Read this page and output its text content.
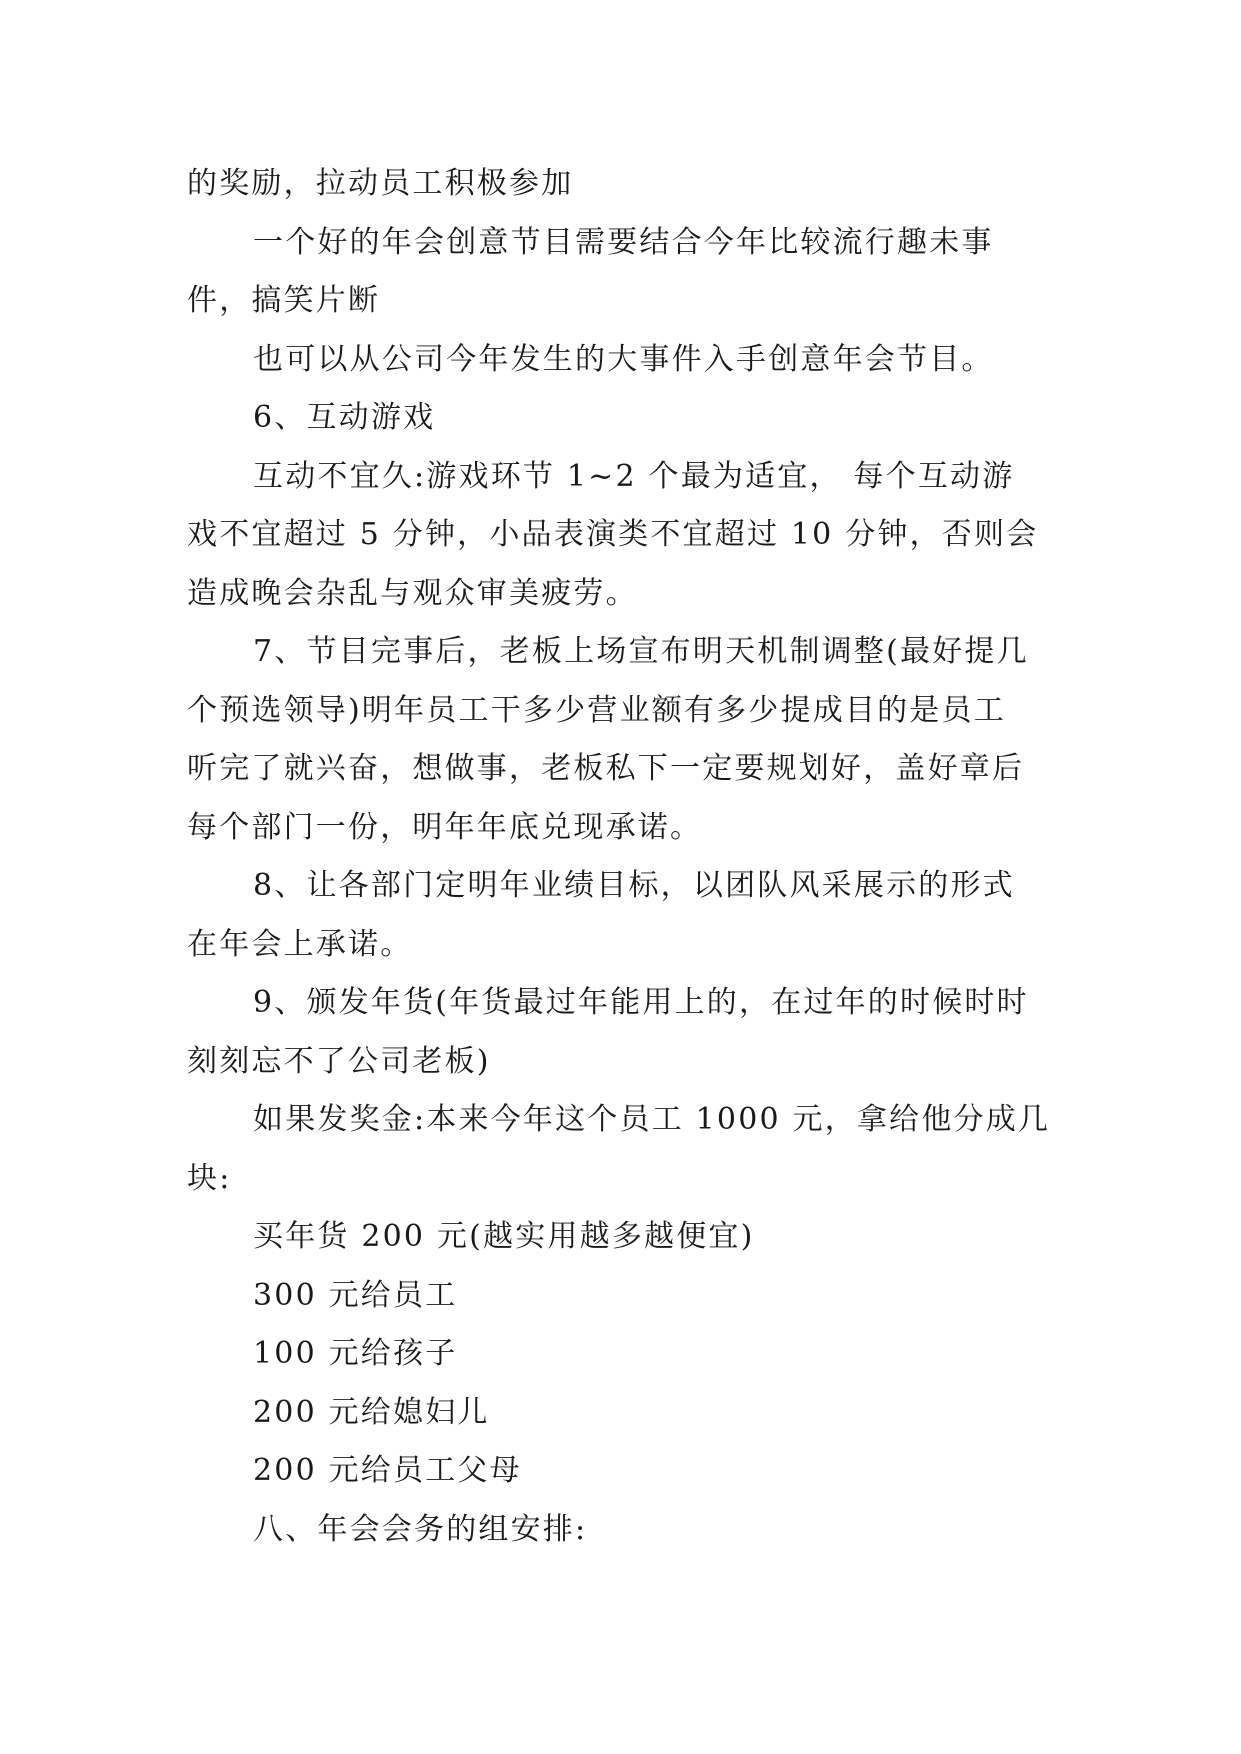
的奖励，拉动员工积极参加
一个好的年会创意节目需要结合今年比较流行趣未事
件，搞笑片断
也可以从公司今年发生的大事件入手创意年会节目。
6、互动游戏
互动不宜久:游戏环节 1~2 个最为适宜， 每个互动游
戏不宜超过 5 分钟，小品表演类不宜超过 10 分钟，否则会
造成晚会杂乱与观众审美疲劳。
7、节目完事后，老板上场宣布明天机制调整(最好提几
个预选领导)明年员工干多少营业额有多少提成目的是员工
听完了就兴奋，想做事，老板私下一定要规划好，盖好章后
每个部门一份，明年年底兑现承诺。
8、让各部门定明年业绩目标，以团队风采展示的形式
在年会上承诺。
9、颁发年货(年货最过年能用上的，在过年的时候时时
刻刻忘不了公司老板)
如果发奖金:本来今年这个员工 1000 元，拿给他分成几
块:
买年货 200 元(越实用越多越便宜)
300 元给员工
100 元给孩子
200 元给媳妇儿
200 元给员工父母
八、年会会务的组安排:
